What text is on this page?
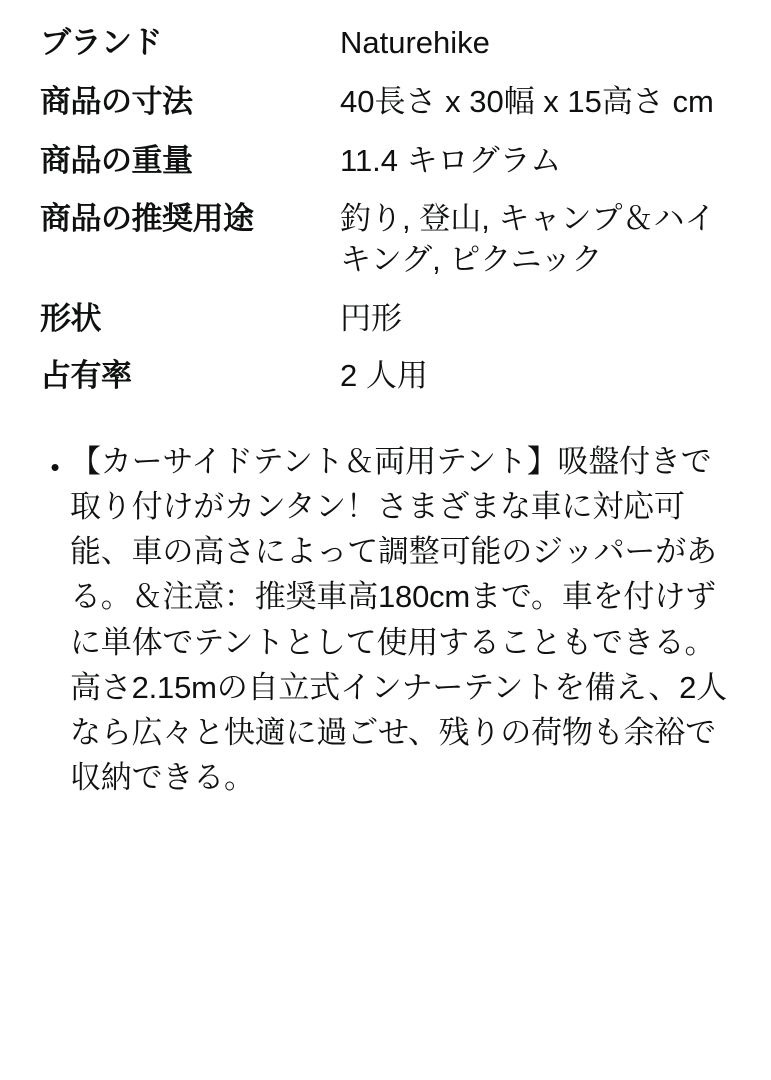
ブランド	Naturehike
商品の寸法	40長さ x 30幅 x 15高さ cm
商品の重量	11.4 キログラム
商品の推奨用途	釣り, 登山, キャンプ＆ハイキング, ピクニック
形状	円形
占有率	2 人用
• 【カーサイドテント＆両用テント】吸盤付きで取り付けがカンタン！さまざまな車に対応可能、車の高さによって調整可能のジッパーがある。＆注意：推奨車高180cmまで。車を付けずに単体でテントとして使用することもできる。高さ2.15mの自立式インナーテントを備え、2人なら広々と快適に過ごせ、残りの荷物も余裕で収納できる。
